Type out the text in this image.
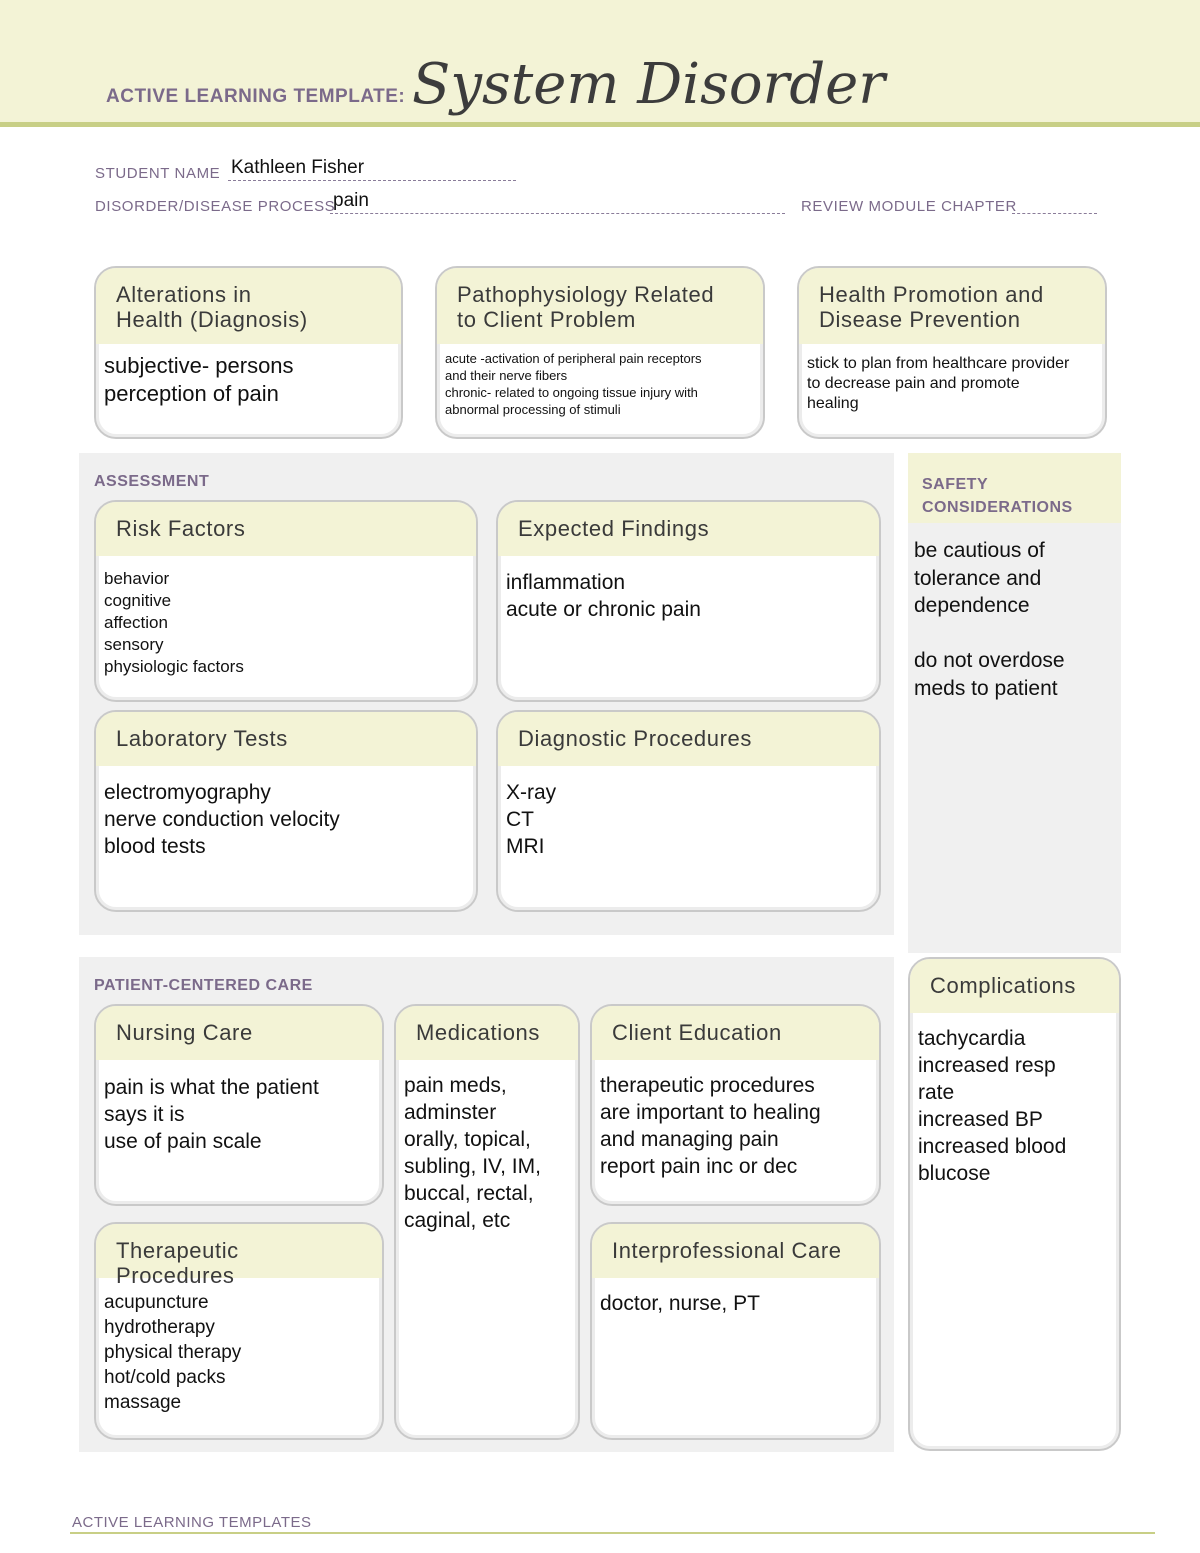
ACTIVE LEARNING TEMPLATE: System Disorder
STUDENT NAME Kathleen Fisher
DISORDER/DISEASE PROCESS
pain	REVIEW MODULE CHAPTER
Alterations in
Health (Diagnosis)
subjective- persons
perception of pain
Pathophysiology Related
to Client Problem
acute -activation of peripheral pain receptors
and their nerve fibers
chronic- related to ongoing tissue injury with
abnormal processing of stimuli
Health Promotion and
Disease Prevention
stick to plan from healthcare provider
to decrease pain and promote
healing
ASSESSMENT
Risk Factors
behavior
cognitive
affection
sensory
physiologic factors
Expected Findings
inflammation
acute or chronic pain
Laboratory Tests
electromyography
nerve conduction velocity
blood tests
Diagnostic Procedures
X-ray
CT
MRI
SAFETY
CONSIDERATIONS
be cautious of
tolerance and
dependence

do not overdose
meds to patient
PATIENT-CENTERED CARE
Nursing Care
pain is what the patient
says it is
use of pain scale
Medications
pain meds,
adminster
orally, topical,
subling, IV, IM,
buccal, rectal,
caginal, etc
Client Education
therapeutic procedures
are important to healing
and managing pain
report pain inc or dec
Therapeutic Procedures
acupuncture
hydrotherapy
physical therapy
hot/cold packs
massage
Interprofessional Care
doctor, nurse, PT
Complications
tachycardia
increased resp
rate
increased BP
increased blood
blucose
ACTIVE LEARNING TEMPLATES
